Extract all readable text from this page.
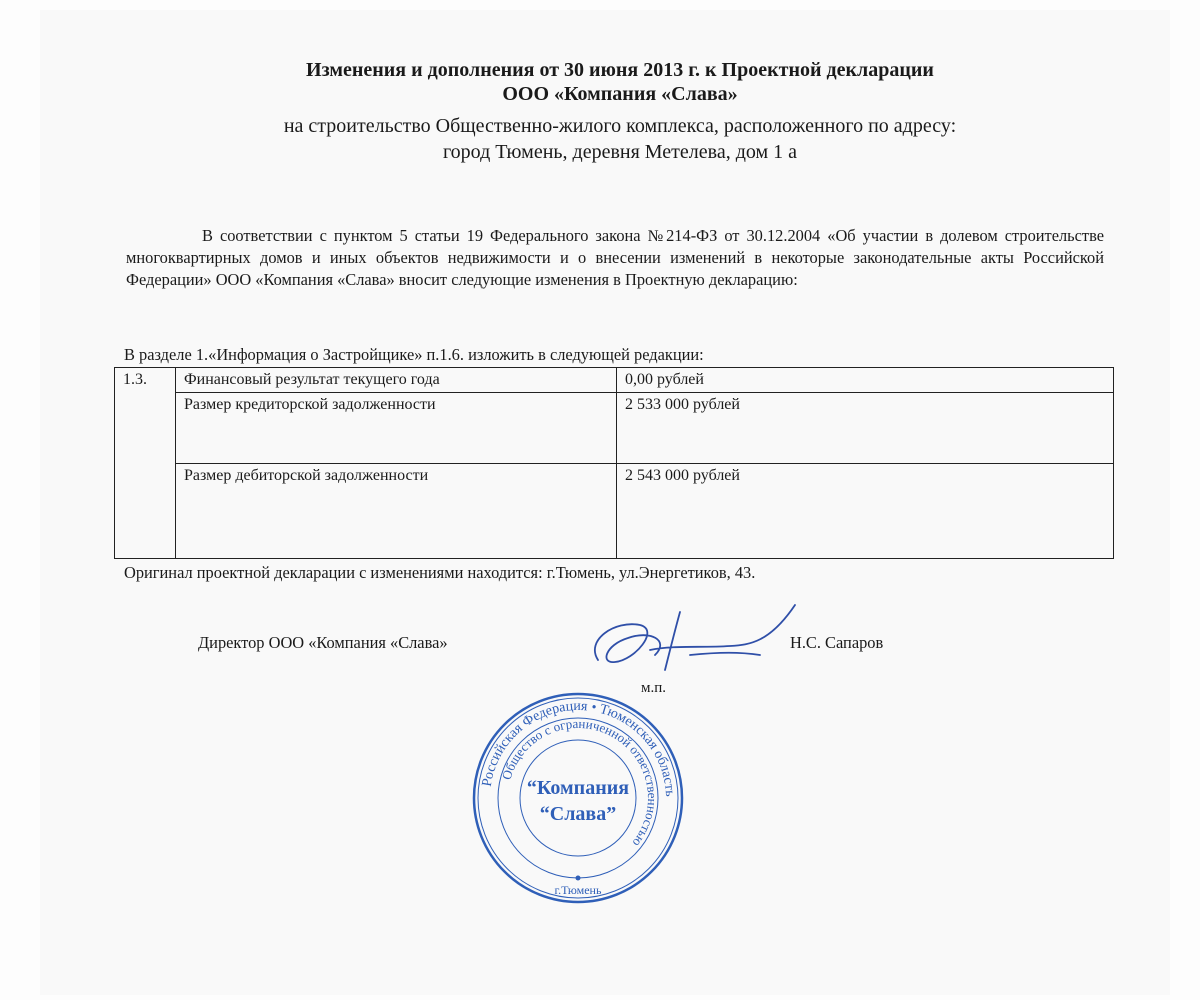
Изменения и дополнения от 30 июня 2013 г. к Проектной декларации
ООО «Компания «Слава»
на строительство Общественно-жилого комплекса, расположенного по адресу:
город Тюмень, деревня Метелева, дом 1 а
В соответствии с пунктом 5 статьи 19 Федерального закона №214-ФЗ от 30.12.2004 «Об участии в долевом строительстве многоквартирных домов и иных объектов недвижимости и о внесении изменений в некоторые законодательные акты Российской Федерации» ООО «Компания «Слава» вносит следующие изменения в Проектную декларацию:
В разделе 1.«Информация о Застройщике» п.1.6. изложить в следующей редакции:
1.3.	Финансовый результат текущего года	0,00 рублей
	Размер кредиторской задолженности	2 533 000 рублей
	Размер дебиторской задолженности	2 543 000 рублей
Оригинал проектной декларации с изменениями находится: г.Тюмень, ул.Энергетиков, 43.
Директор ООО «Компания «Слава»	Н.С. Сапаров
м.п.
Российская Федерация • Тюменская область
Общество с ограниченной ответственностью
“Компания
“Слава”
г.Тюмень
